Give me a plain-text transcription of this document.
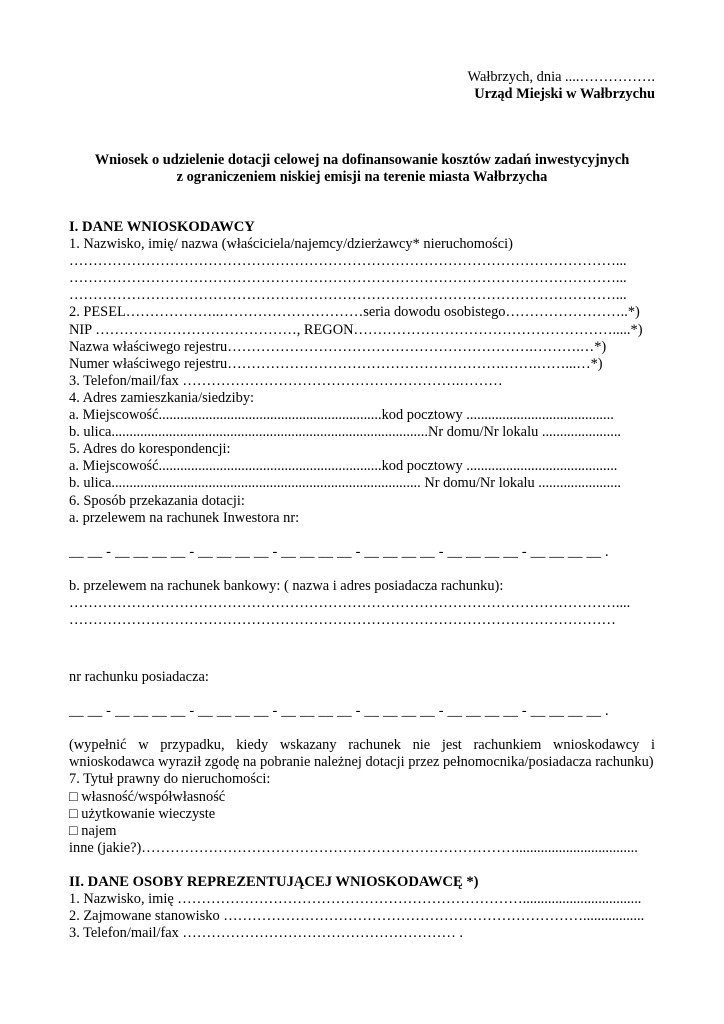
Wałbrzych, dnia ....…………….
Urząd Miejski w Wałbrzychu
Wniosek o udzielenie dotacji celowej na dofinansowanie kosztów zadań inwestycyjnych
z ograniczeniem niskiej emisji na terenie miasta Wałbrzycha
I. DANE WNIOSKODAWCY
1. Nazwisko, imię/ nazwa (właściciela/najemcy/dzierżawcy* nieruchomości)
……………………………………………………………………………………………………...
……………………………………………………………………………………………………...
……………………………………………………………………………………………………...
2. PESEL………………..…………………………seria dowodu osobistego……………………..*)
NIP ……………………………………, REGON……………………………………………….....*)
Nazwa właściwego rejestru……………………………………………………….……….…*)
Numer właściwego rejestru………………………………………………….…….……...…*)
3. Telefon/mail/fax ………………………………………………….………
4. Adres zamieszkania/siedziby:
a. Miejscowość..............................................................kod pocztowy .........................................
b. ulica........................................................................................Nr domu/Nr lokalu ......................
5. Adres do korespondencji:
a. Miejscowość..............................................................kod pocztowy ..........................................
b. ulica...................................................................................... Nr domu/Nr lokalu .......................
6. Sposób przekazania dotacji:
a. przelewem na rachunek Inwestora nr:
__ __ - __ __ __ __ - __ __ __ __ - __ __ __ __ - __ __ __ __ - __ __ __ __ - __ __ __ __ .
b. przelewem na rachunek bankowy: ( nazwa i adres posiadacza rachunku):
……………………………………………………………………………………………………....
……………………………………………………………………………………………………
nr rachunku posiadacza:
__ __ - __ __ __ __ - __ __ __ __ - __ __ __ __ - __ __ __ __ - __ __ __ __ - __ __ __ __ .
(wypełnić w przypadku, kiedy wskazany rachunek nie jest rachunkiem wnioskodawcy i wnioskodawca wyraził zgodę na pobranie należnej dotacji przez pełnomocnika/posiadacza rachunku)
7. Tytuł prawny do nieruchomości:
□ własność/współwłasność
□ użytkowanie wieczyste
□ najem
inne (jakie?)……………………………………………………………………..................................
II. DANE OSOBY REPREZENTUJĄCEJ WNIOSKODAWCĘ *)
1. Nazwisko, imię ……………………………………………………………….................................
2. Zajmowane stanowisko ………………………………………………………………….................
3. Telefon/mail/fax ………………………………………………… .
